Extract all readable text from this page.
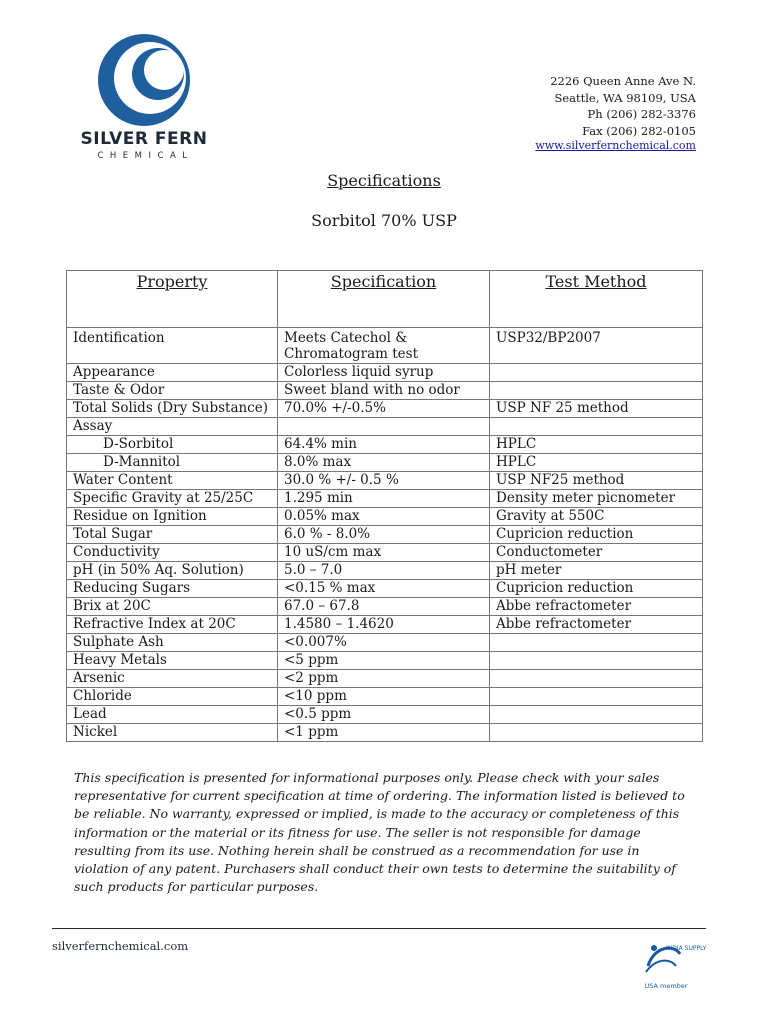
SILVER FERN
CHEMICAL
2226 Queen Anne Ave N.
Seattle, WA 98109, USA
Ph (206) 282-3376
Fax (206) 282-0105
www.silverfernchemical.com
Specifications
Sorbitol 70% USP
Property	Specification	Test Method
Identification	Meets Catechol & Chromatogram test	USP32/BP2007
Appearance	Colorless liquid syrup	
Taste & Odor	Sweet bland with no odor	
Total Solids (Dry Substance)	70.0% +/-0.5%	USP NF 25 method
Assay		
D-Sorbitol	64.4% min	HPLC
D-Mannitol	8.0% max	HPLC
Water Content	30.0 % +/- 0.5 %	USP NF25 method
Specific Gravity at 25/25C	1.295 min	Density meter picnometer
Residue on Ignition	0.05% max	Gravity at 550C
Total Sugar	6.0 % - 8.0%	Cupricion reduction
Conductivity	10 uS/cm max	Conductometer
pH (in 50% Aq. Solution)	5.0 – 7.0	pH meter
Reducing Sugars	<0.15 % max	Cupricion reduction
Brix at 20C	67.0 – 67.8	Abbe refractometer
Refractive Index at 20C	1.4580 – 1.4620	Abbe refractometer
Sulphate Ash	<0.007%	
Heavy Metals	<5 ppm	
Arsenic	<2 ppm	
Chloride	<10 ppm	
Lead	<0.5 ppm	
Nickel	<1 ppm	
This specification is presented for informational purposes only. Please check with your sales representative for current specification at time of ordering. The information listed is believed to be reliable. No warranty, expressed or implied, is made to the accuracy or completeness of this information or the material or its fitness for use. The seller is not responsible for damage resulting from its use. Nothing herein shall be construed as a recommendation for use in violation of any patent. Purchasers shall conduct their own tests to determine the suitability of such products for particular purposes.
silverfernchemical.com	INDIA SUPPLY
USA member
